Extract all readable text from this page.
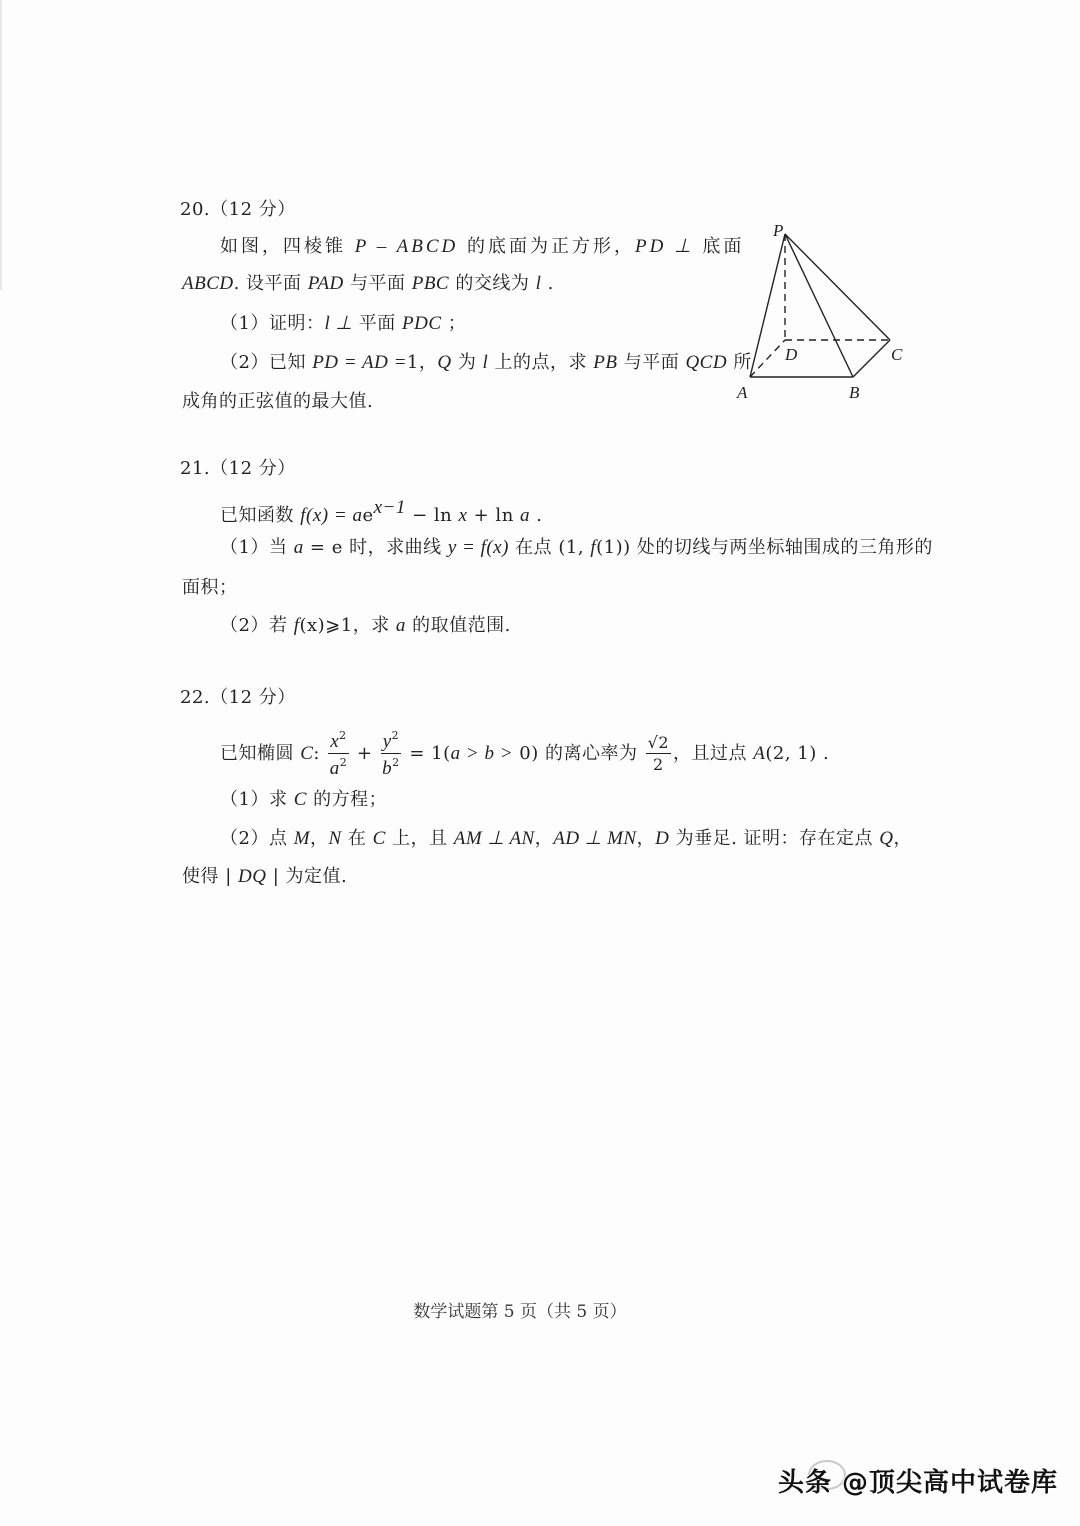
20.（12 分）
如图，四棱锥 P – ABCD 的底面为正方形，PD ⊥ 底面
ABCD. 设平面 PAD 与平面 PBC 的交线为 l .
（1）证明：l ⊥ 平面 PDC ；
（2）已知 PD = AD =1，Q 为 l 上的点，求 PB 与平面 QCD 所
成角的正弦值的最大值.
P
D	C
A	B
21.（12 分）
已知函数 $f(x) = ae^{x-1} - \ln x + \ln a$ .
（1）当 a = e 时，求曲线 y = f(x) 在点 (1, f(1)) 处的切线与两坐标轴围成的三角形的
面积；
（2）若 f(x)⩾1，求 a 的取值范围.
22.（12 分）
已知椭圆 C: $\frac{x^2}{a^2} + \frac{y^2}{b^2} = 1(a > b > 0)$ 的离心率为 $\frac{√2}{2}$ ，且过点 A(2, 1) .
（1）求 C 的方程；
（2）点 M，N 在 C 上，且 AM ⊥ AN，AD ⊥ MN，D 为垂足. 证明：存在定点 Q，
使得 | DQ | 为定值.
数学试题第 5 页（共 5 页）
头条 @顶尖高中试卷库
